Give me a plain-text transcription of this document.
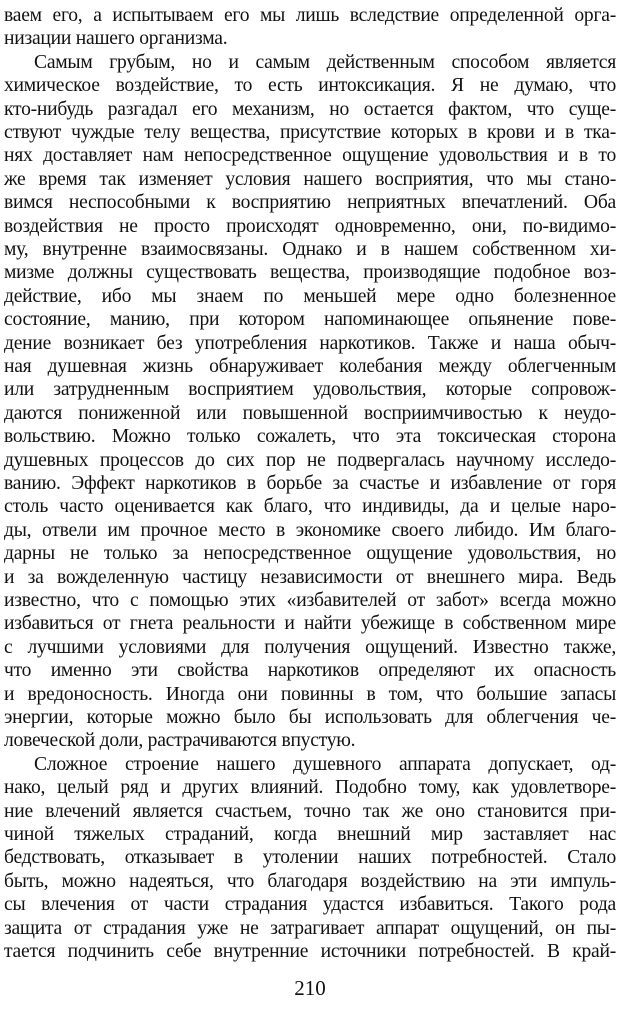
ваем его, а испытываем его мы лишь вследствие определенной орга-
низации нашего организма.
Самым грубым, но и самым действенным способом является
химическое воздействие, то есть интоксикация. Я не думаю, что
кто-нибудь разгадал его механизм, но остается фактом, что суще-
ствуют чуждые телу вещества, присутствие которых в крови и в тка-
нях доставляет нам непосредственное ощущение удовольствия и в то
же время так изменяет условия нашего восприятия, что мы стано-
вимся неспособными к восприятию неприятных впечатлений. Оба
воздействия не просто происходят одновременно, они, по-видимо-
му, внутренне взаимосвязаны. Однако и в нашем собственном хи-
мизме должны существовать вещества, производящие подобное воз-
действие, ибо мы знаем по меньшей мере одно болезненное
состояние, манию, при котором напоминающее опьянение пове-
дение возникает без употребления наркотиков. Также и наша обыч-
ная душевная жизнь обнаруживает колебания между облегченным
или затрудненным восприятием удовольствия, которые сопровож-
даются пониженной или повышенной восприимчивостью к неудо-
вольствию. Можно только сожалеть, что эта токсическая сторона
душевных процессов до сих пор не подвергалась научному исследо-
ванию. Эффект наркотиков в борьбе за счастье и избавление от горя
столь часто оценивается как благо, что индивиды, да и целые наро-
ды, отвели им прочное место в экономике своего либидо. Им благо-
дарны не только за непосредственное ощущение удовольствия, но
и за вожделенную частицу независимости от внешнего мира. Ведь
известно, что с помощью этих «избавителей от забот» всегда можно
избавиться от гнета реальности и найти убежище в собственном мире
с лучшими условиями для получения ощущений. Известно также,
что именно эти свойства наркотиков определяют их опасность
и вредоносность. Иногда они повинны в том, что большие запасы
энергии, которые можно было бы использовать для облегчения че-
ловеческой доли, растрачиваются впустую.
Сложное строение нашего душевного аппарата допускает, од-
нако, целый ряд и других влияний. Подобно тому, как удовлетворе-
ние влечений является счастьем, точно так же оно становится при-
чиной тяжелых страданий, когда внешний мир заставляет нас
бедствовать, отказывает в утолении наших потребностей. Стало
быть, можно надеяться, что благодаря воздействию на эти импуль-
сы влечения от части страдания удастся избавиться. Такого рода
защита от страдания уже не затрагивает аппарат ощущений, он пы-
тается подчинить себе внутренние источники потребностей. В край-
210
